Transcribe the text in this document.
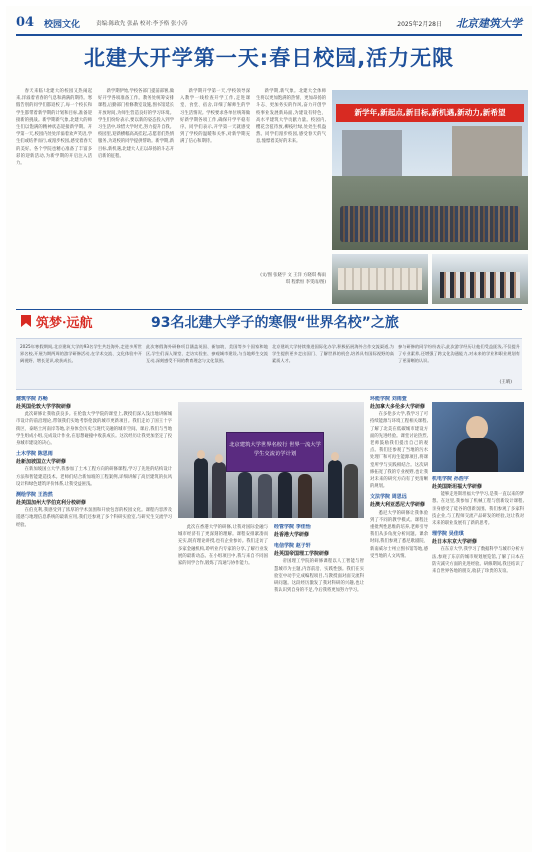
04 校园文化	责编:陈政先 张晶 校对:李予格 张小涛	2025年2月28日 北京建筑大学
北建大开学第一天:春日校园,活力无限

春天来临!北建大的校园又热闹起来,洋溢着青春的气息和满满的期待。寒假告别的同学们都返校了,每一个校长和学生都带着新学期的计划和目标,准备迎接新的挑战。新学期新气象,北建大的师生们以饱满的精神状态迎接新学期。开学第一天,校园内处处洋溢着欢声笑语,学生们或结伴而行,或漫步校园,感受着春天的美好。各个学院也精心准备了丰富多彩的迎新活动,为新学期的开启注入活力。

新学期伊始,学校各部门提前部署,做好开学各项准备工作。教务处统筹安排课程,后勤部门检修教室设施,图书馆延长开放时间,为师生营造良好的学习环境。学生们纷纷表示,要以新的姿态投入到学习生活中,珍惜大学时光,努力提升自我。校园里,迎新横幅高高挂起,志愿者们热情服务,为返校的同学提供帮助。新学期,新目标,新机遇,北建大人正以昂扬的斗志开启新的征程。

新学期开学第一天,学校领导深入教学一线检查开学工作,走进课堂、食堂、宿舍,详细了解师生的学习生活情况。学校要求各单位统筹做好新学期各项工作,确保开学平稳有序。同学们表示,开学第一天就感受到了学校的温暖和关怀,对新学期充满了信心和期待。

新学期,新气象。北建大全体师生将以更加饱满的热情、更加昂扬的斗志、更加务实的作风,奋力开创学校事业发展新局面,为建设有特色、高水平建筑大学贡献力量。校园内,樱花含苞待放,柳枝吐绿,处处生机盎然。同学们漫步校园,感受春天的气息,憧憬着美好的未来。

(文/图 张晓宇 文 王洋 方晓琪 梅雨琪 程紫恒 李雯雨/图)
新学年,新起点,新目标,新机遇,新动力,新希望
筑梦·远航	93名北建大学子的寒假“世界名校”之旅
2025年寒假期间,北京建筑大学的93名学生共赴海外,走进多所世界名校,开展为期两周的游学研修活动,在学术交流、文化体验中开阔视野、增长见识,收获成长。
此次寒假海外研修项目涵盖英国、新加坡、美国等多个国家和地区,学生们深入课堂、走访实验室、参观城市建设,与当地师生交流互动,深刻感受不同的教育理念与文化氛围。
北京建筑大学持续推进国际化办学,积极拓展海外合作交流渠道,为学生提供更多走出国门、了解世界的机会,培养具有国际视野的高素质人才。
参与研修的同学纷纷表示,此次游学经历让他们受益匪浅,不仅提升了专业素养,还增强了跨文化沟通能力,对未来的学业和职业规划有了更清晰的认识。
(王晴)
建筑学院 苏畅
赴英国伦敦大学学院研修

此次研修让我收获良多。在伦敦大学学院的课堂上,教授们深入浅出地讲解城市设计的前沿理论,带领我们实地考察伦敦的城市更新项目。我们走访了国王十字街区、泰晤士河南岸等地,亲身体会历史与现代交融的城市空间。课后,我们与当地学生组成小组,完成设计作业,在思想碰撞中收获成长。这次经历让我更加坚定了投身城市建设的决心。

土木学院 陈思雨
赴新加坡国立大学研修

在新加坡国立大学,我参加了土木工程方向的研修课程,学习了先进的结构设计方法和智能建造技术。老师们结合新加坡的工程案例,详细讲解了高层建筑的抗风设计和绿色建筑评价体系,让我受益匪浅。

测绘学院 王浩然
赴美国加州大学伯克利分校研修

在伯克利,我感受到了浓厚的学术氛围和开放包容的校园文化。课程内容涉及遥感与地理信息系统的最新应用,我们还参观了多个科研实验室,与研究生交流学习经验。

北京建筑大学世界名校行 世界一流大学学生交流访学计划

此次在香港大学的研修,让我对国际金融与城市经济有了更深刻的理解。课程安排紧凑而充实,既有理论讲授,也有企业参访。我们走访了多家金融机构,聆听业内专家的分享,了解行业发展的最新动态。在小组项目中,我与来自不同国家的同学合作,锻炼了沟通与协作能力。

经管学院 李佳怡
赴香港大学研修
电信学院 赵子轩
赴英国帝国理工学院研修

帝国理工学院的研修课程以人工智能与智慧城市为主题,内容前沿、实践性强。我们在实验室中动手完成编程项目,与教授面对面交流科研问题。这段经历激发了我对科研的兴趣,也让我认识到自身的不足,今后我将更加努力学习。

环能学院 刘雨萱
赴加拿大多伦多大学研修

在多伦多大学,我学习了可持续能源与环境工程相关课程,了解了北美在低碳城市建设方面的先进经验。课堂讨论热烈,老师鼓励我们提出自己的观点。我们还参观了当地的污水处理厂和可再生能源项目,将课堂所学与实践相结合。这次研修拓宽了我的专业视野,也让我对未来的研究方向有了更清晰的规划。

文法学院 周思远
赴澳大利亚悉尼大学研修

悉尼大学的研修让我体验到了不同的教学模式。课程注重批判性思维的培养,老师引导我们从多角度分析问题。课余时间,我们参观了悉尼歌剧院、新南威尔士州立图书馆等地,感受当地的人文风情。

机电学院 孙浩宇
赴美国斯坦福大学研修

能够走进斯坦福大学学习,是我一直以来的梦想。在这里,我参加了机械工程与创新设计课程,亲身感受了硅谷的创新氛围。我们参观了多家科技企业,与工程师交流产品研发的经验,这让我对未来的职业发展有了新的思考。

理学院 吴佳琪
赴日本东京大学研修

在东京大学,我学习了数据科学与城市分析方法,参观了东京的城市规划展览馆,了解了日本在防灾减灾方面的先进经验。研修期间,我还结识了来自世界各地的朋友,收获了珍贵的友谊。
